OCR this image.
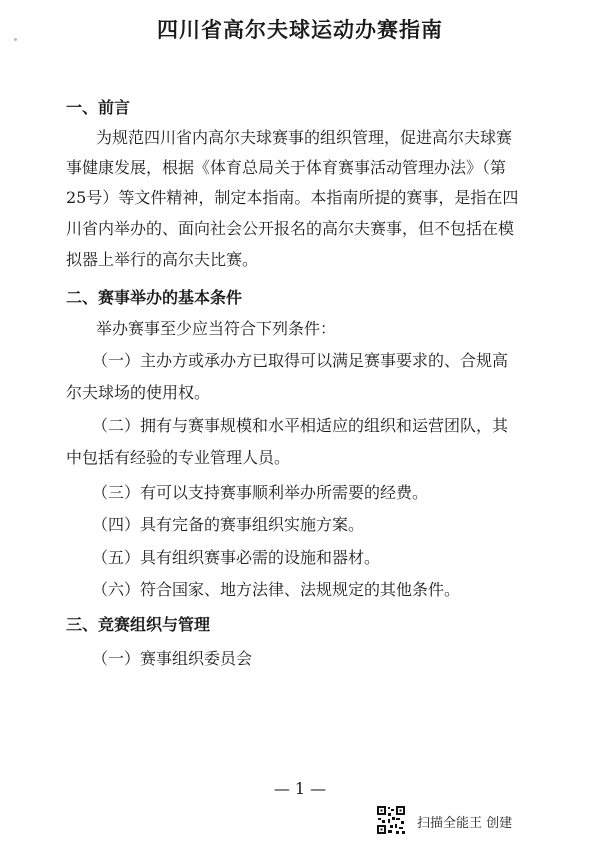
四川省高尔夫球运动办赛指南
一、前言
为规范四川省内高尔夫球赛事的组织管理，促进高尔夫球赛
事健康发展，根据《体育总局关于体育赛事活动管理办法》（第
25号）等文件精神，制定本指南。本指南所提的赛事，是指在四
川省内举办的、面向社会公开报名的高尔夫赛事，但不包括在模
拟器上举行的高尔夫比赛。
二、赛事举办的基本条件
举办赛事至少应当符合下列条件：
（一）主办方或承办方已取得可以满足赛事要求的、合规高
尔夫球场的使用权。
（二）拥有与赛事规模和水平相适应的组织和运营团队，其
中包括有经验的专业管理人员。
（三）有可以支持赛事顺利举办所需要的经费。
（四）具有完备的赛事组织实施方案。
（五）具有组织赛事必需的设施和器材。
（六）符合国家、地方法律、法规规定的其他条件。
三、竞赛组织与管理
（一）赛事组织委员会
— 1 —
扫描全能王 创建
